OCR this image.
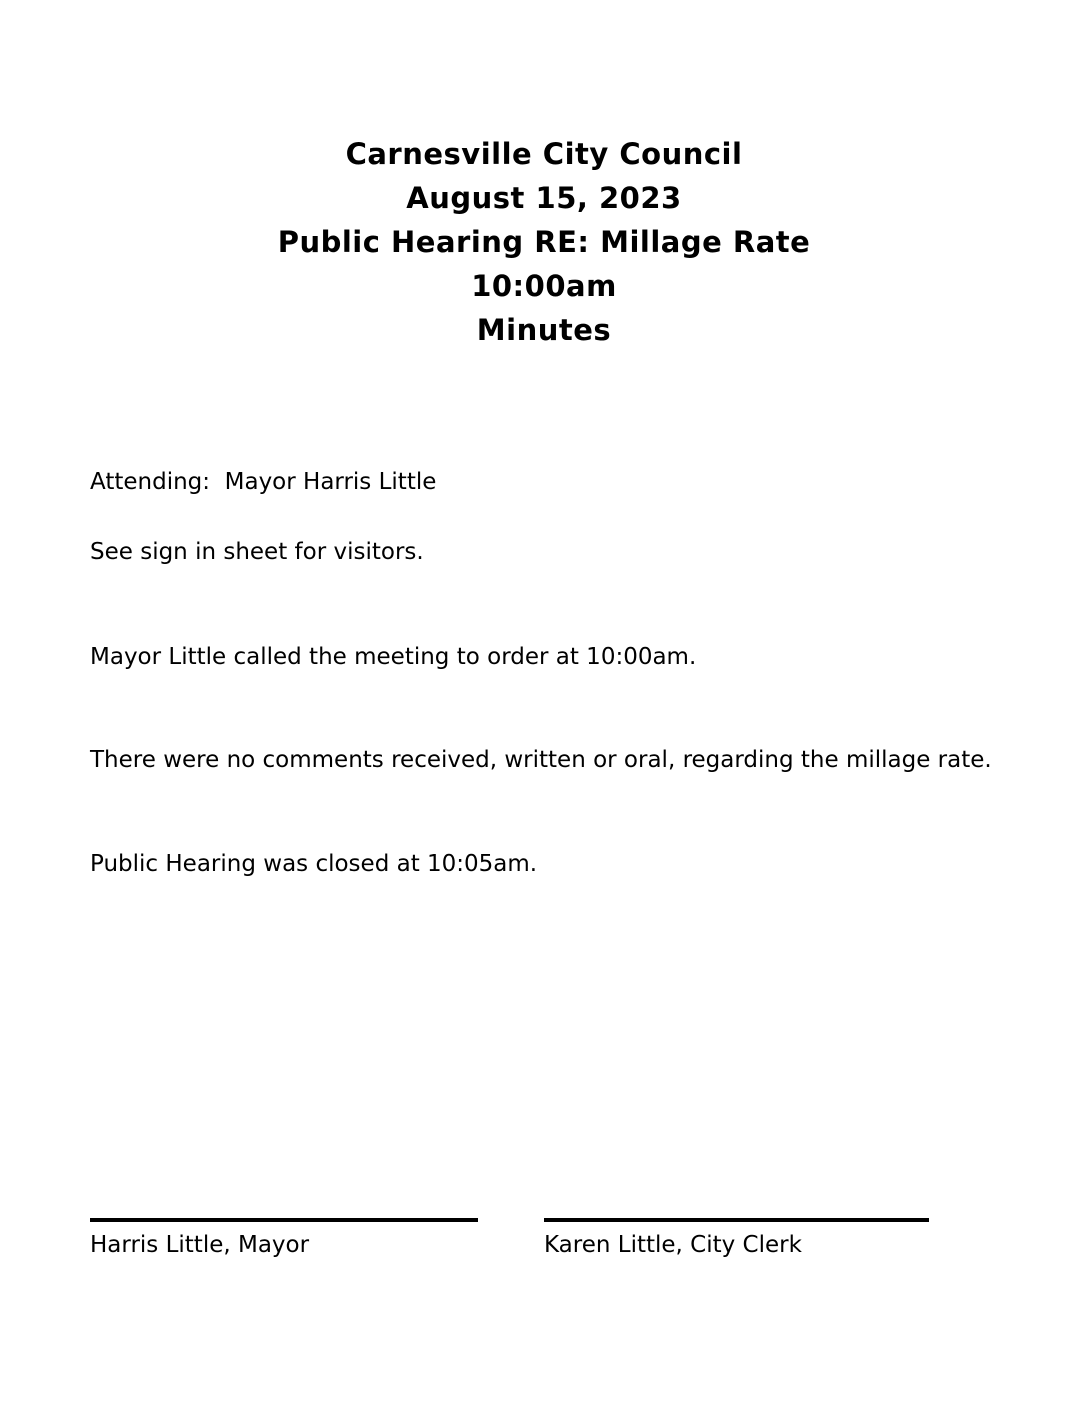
Carnesville City Council
August 15, 2023
Public Hearing RE: Millage Rate
10:00am
Minutes

Attending:  Mayor Harris Little

See sign in sheet for visitors.

Mayor Little called the meeting to order at 10:00am.

There were no comments received, written or oral, regarding the millage rate.

Public Hearing was closed at 10:05am.

Harris Little, Mayor	Karen Little, City Clerk
